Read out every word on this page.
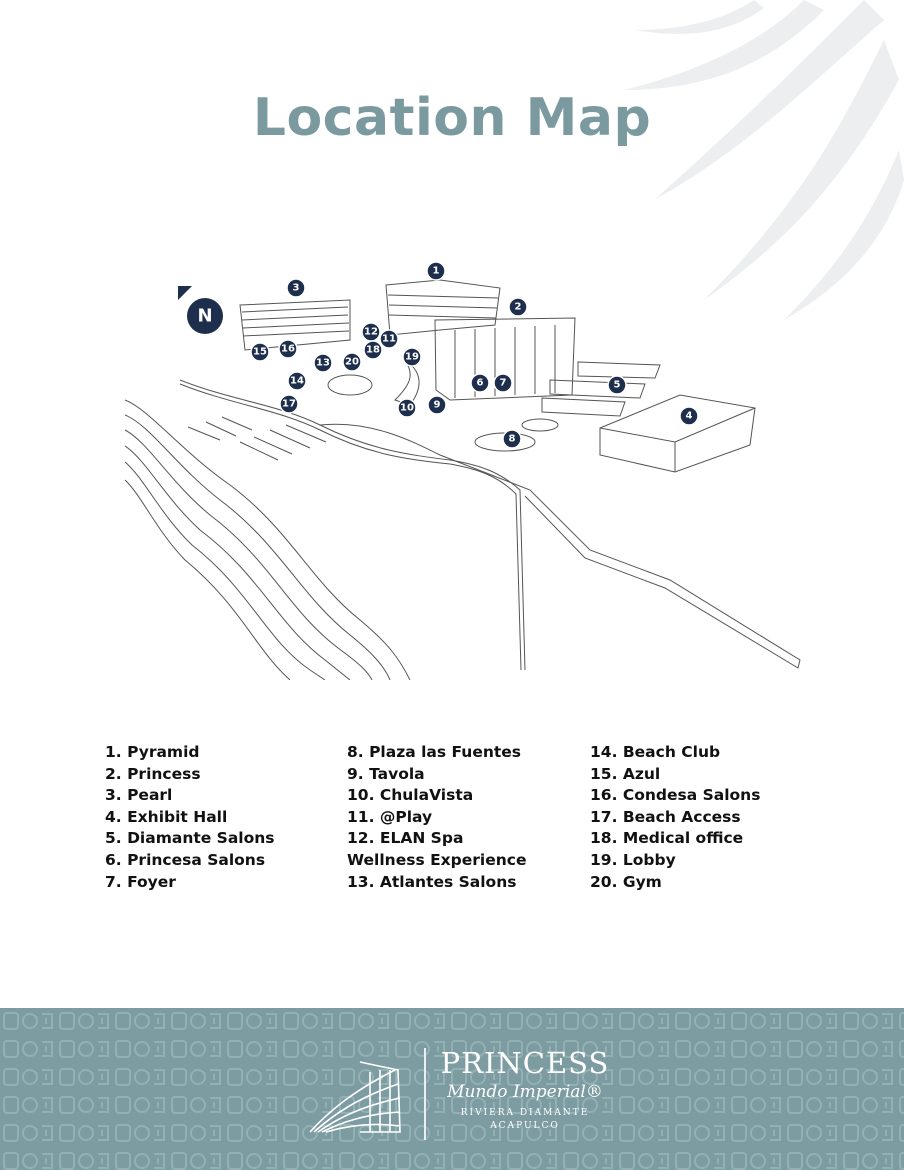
Location Map
N
1
2
3
4
5
6 7
8
9
10
11
12
13
14
15 16
17
18
19
20
1. Pyramid
2. Princess
3. Pearl
4. Exhibit Hall
5. Diamante Salons
6. Princesa Salons
7. Foyer
8. Plaza las Fuentes
9. Tavola
10. ChulaVista
11. @Play
12. ELAN Spa
Wellness Experience
13. Atlantes Salons
14. Beach Club
15. Azul
16. Condesa Salons
17. Beach Access
18. Medical office
19. Lobby
20. Gym
PRINCESS
Mundo Imperial®
RIVIERA DIAMANTE
ACAPULCO
